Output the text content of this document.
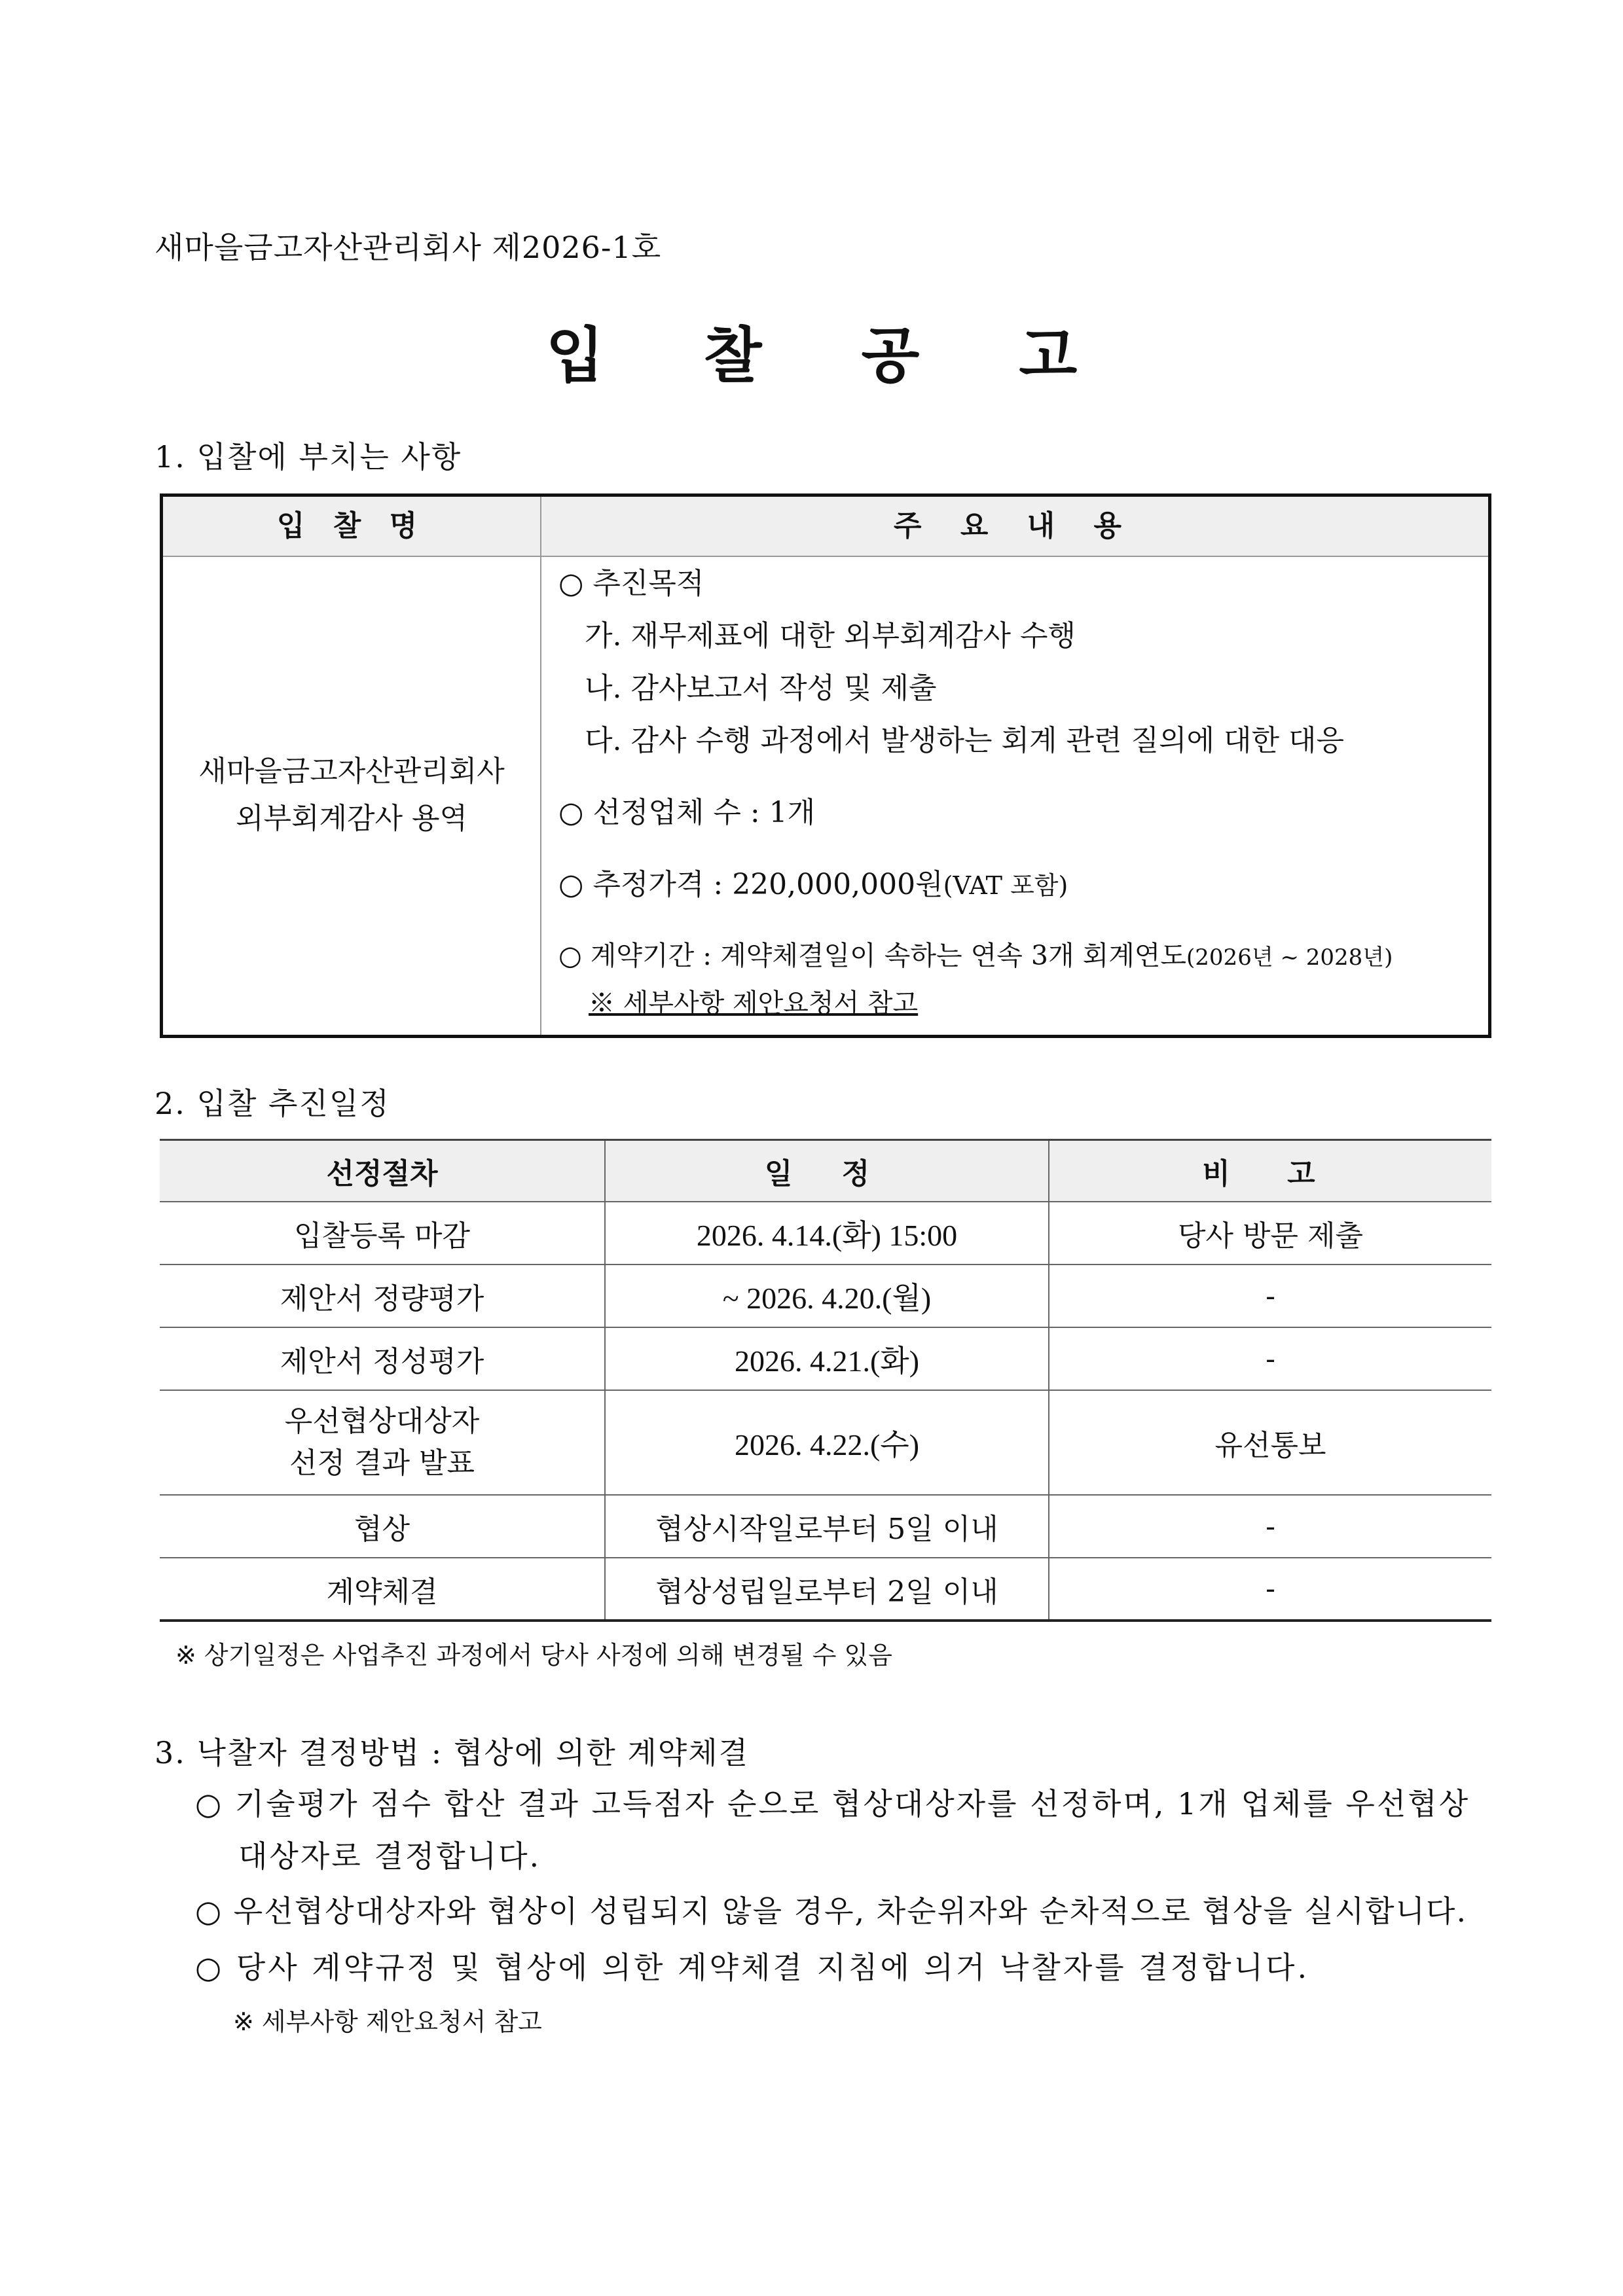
새마을금고자산관리회사 제2026-1호
입 찰 공 고
1. 입찰에 부치는 사항
입 찰 명	주 요 내 용
새마을금고자산관리회사
외부회계감사 용역
○ 추진목적
가. 재무제표에 대한 외부회계감사 수행
나. 감사보고서 작성 및 제출
다. 감사 수행 과정에서 발생하는 회계 관련 질의에 대한 대응
○ 선정업체 수 : 1개
○ 추정가격 : 220,000,000원(VAT 포함)
○ 계약기간 : 계약체결일이 속하는 연속 3개 회계연도(2026년 ~ 2028년)
※ 세부사항 제안요청서 참고
2. 입찰 추진일정
선정절차	일 정	비 고
입찰등록 마감	2026. 4.14.(화) 15:00	당사 방문 제출
제안서 정량평가	~ 2026. 4.20.(월)	-
제안서 정성평가	2026. 4.21.(화)	-

우선협상대상자
선정 결과 발표	2026. 4.22.(수)	유선통보
협상	협상시작일로부터 5일 이내	-
계약체결	협상성립일로부터 2일 이내	-
※ 상기일정은 사업추진 과정에서 당사 사정에 의해 변경될 수 있음
3. 낙찰자 결정방법 : 협상에 의한 계약체결
○ 기술평가 점수 합산 결과 고득점자 순으로 협상대상자를 선정하며, 1개 업체를 우선협상
대상자로 결정합니다.
○ 우선협상대상자와 협상이 성립되지 않을 경우, 차순위자와 순차적으로 협상을 실시합니다.
○ 당사 계약규정 및 협상에 의한 계약체결 지침에 의거 낙찰자를 결정합니다.
※ 세부사항 제안요청서 참고
